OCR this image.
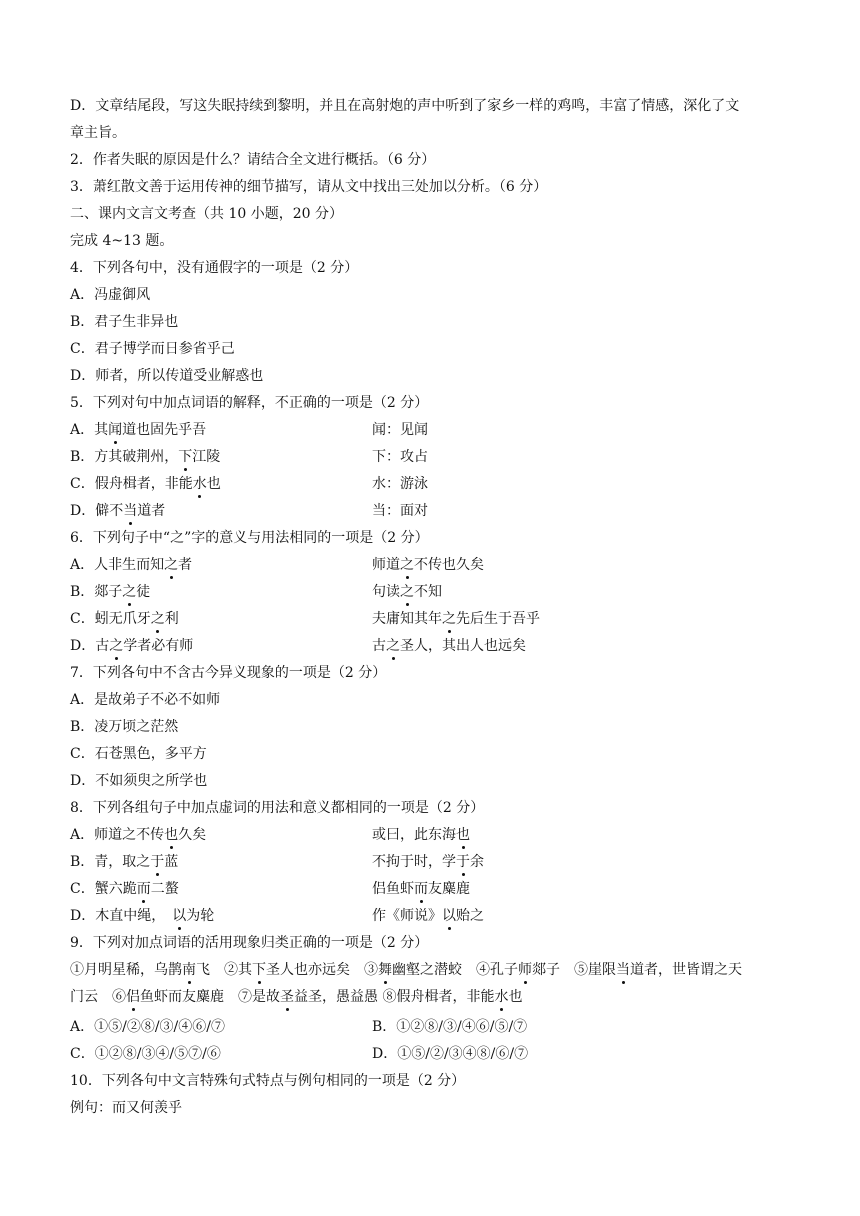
D．文章结尾段，写这失眠持续到黎明，并且在高射炮的声中听到了家乡一样的鸡鸣，丰富了情感，深化了文
章主旨。
2．作者失眠的原因是什么？请结合全文进行概括。（6 分）
3．萧红散文善于运用传神的细节描写，请从文中找出三处加以分析。（6 分）
二、课内文言文考查（共 10 小题，20 分）
完成 4~13 题。
4．下列各句中，没有通假字的一项是（2 分）
A．冯虚御风
B．君子生非异也
C．君子博学而日参省乎己
D．师者，所以传道受业解惑也
5．下列对句中加点词语的解释，不正确的一项是（2 分）
A．其闻道也固先乎吾	闻：见闻
B．方其破荆州，下江陵	下：攻占
C．假舟楫者，非能水也	水：游泳
D．僻不当道者	当：面对
6．下列句子中“之”字的意义与用法相同的一项是（2 分）
A．人非生而知之者	师道之不传也久矣
B．郯子之徒	句读之不知
C．蚓无爪牙之利	夫庸知其年之先后生于吾乎
D．古之学者必有师	古之圣人，其出人也远矣
7．下列各句中不含古今异义现象的一项是（2 分）
A．是故弟子不必不如师
B．凌万顷之茫然
C．石苍黑色，多平方
D．不如须臾之所学也
8．下列各组句子中加点虚词的用法和意义都相同的一项是（2 分）
A．师道之不传也久矣	或曰，此东海也
B．青，取之于蓝	不拘于时，学于余
C．蟹六跪而二螯	侣鱼虾而友麋鹿
D．木直中绳，　以为轮	作《师说》以贻之
9．下列对加点词语的活用现象归类正确的一项是（2 分）
①月明星稀，乌鹊南飞　②其下圣人也亦远矣　③舞幽壑之潜蛟　④孔子师郯子　⑤崖限当道者，世皆谓之天
门云　⑥侣鱼虾而友麋鹿　⑦是故圣益圣，愚益愚 ⑧假舟楫者，非能水也
A．①⑤/②⑧/③/④⑥/⑦	B．①②⑧/③/④⑥/⑤/⑦
C．①②⑧/③④/⑤⑦/⑥	D．①⑤/②/③④⑧/⑥/⑦
10．下列各句中文言特殊句式特点与例句相同的一项是（2 分）
例句：而又何羡乎
